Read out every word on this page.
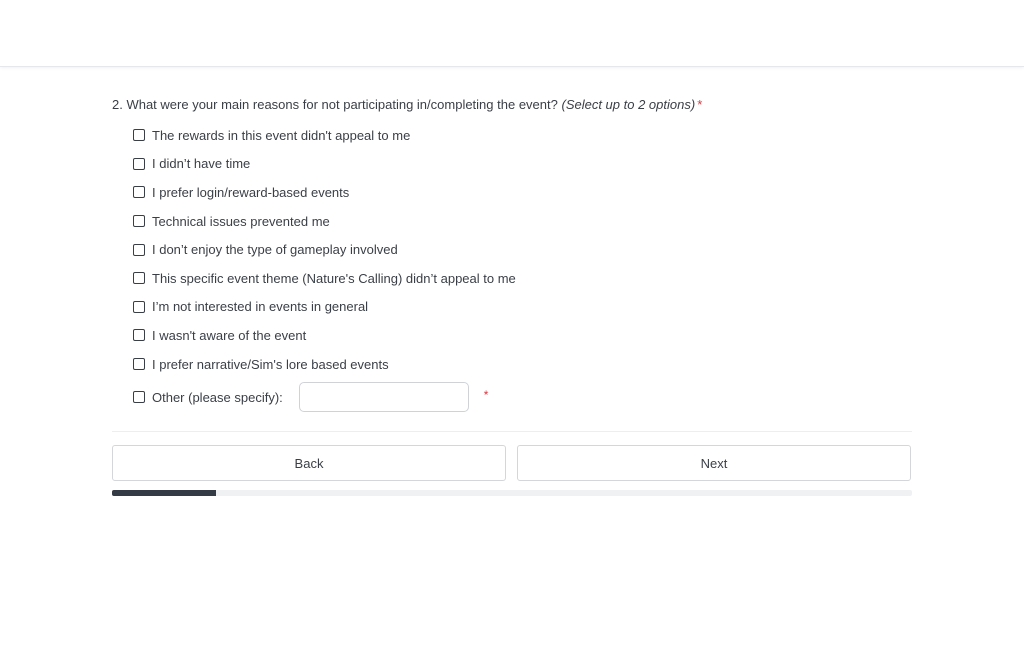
2. What were your main reasons for not participating in/completing the event? (Select up to 2 options) *
The rewards in this event didn't appeal to me
I didn’t have time
I prefer login/reward-based events
Technical issues prevented me
I don’t enjoy the type of gameplay involved
This specific event theme (Nature's Calling) didn’t appeal to me
I’m not interested in events in general
I wasn't aware of the event
I prefer narrative/Sim's lore based events
Other (please specify):	*
Back	Next
